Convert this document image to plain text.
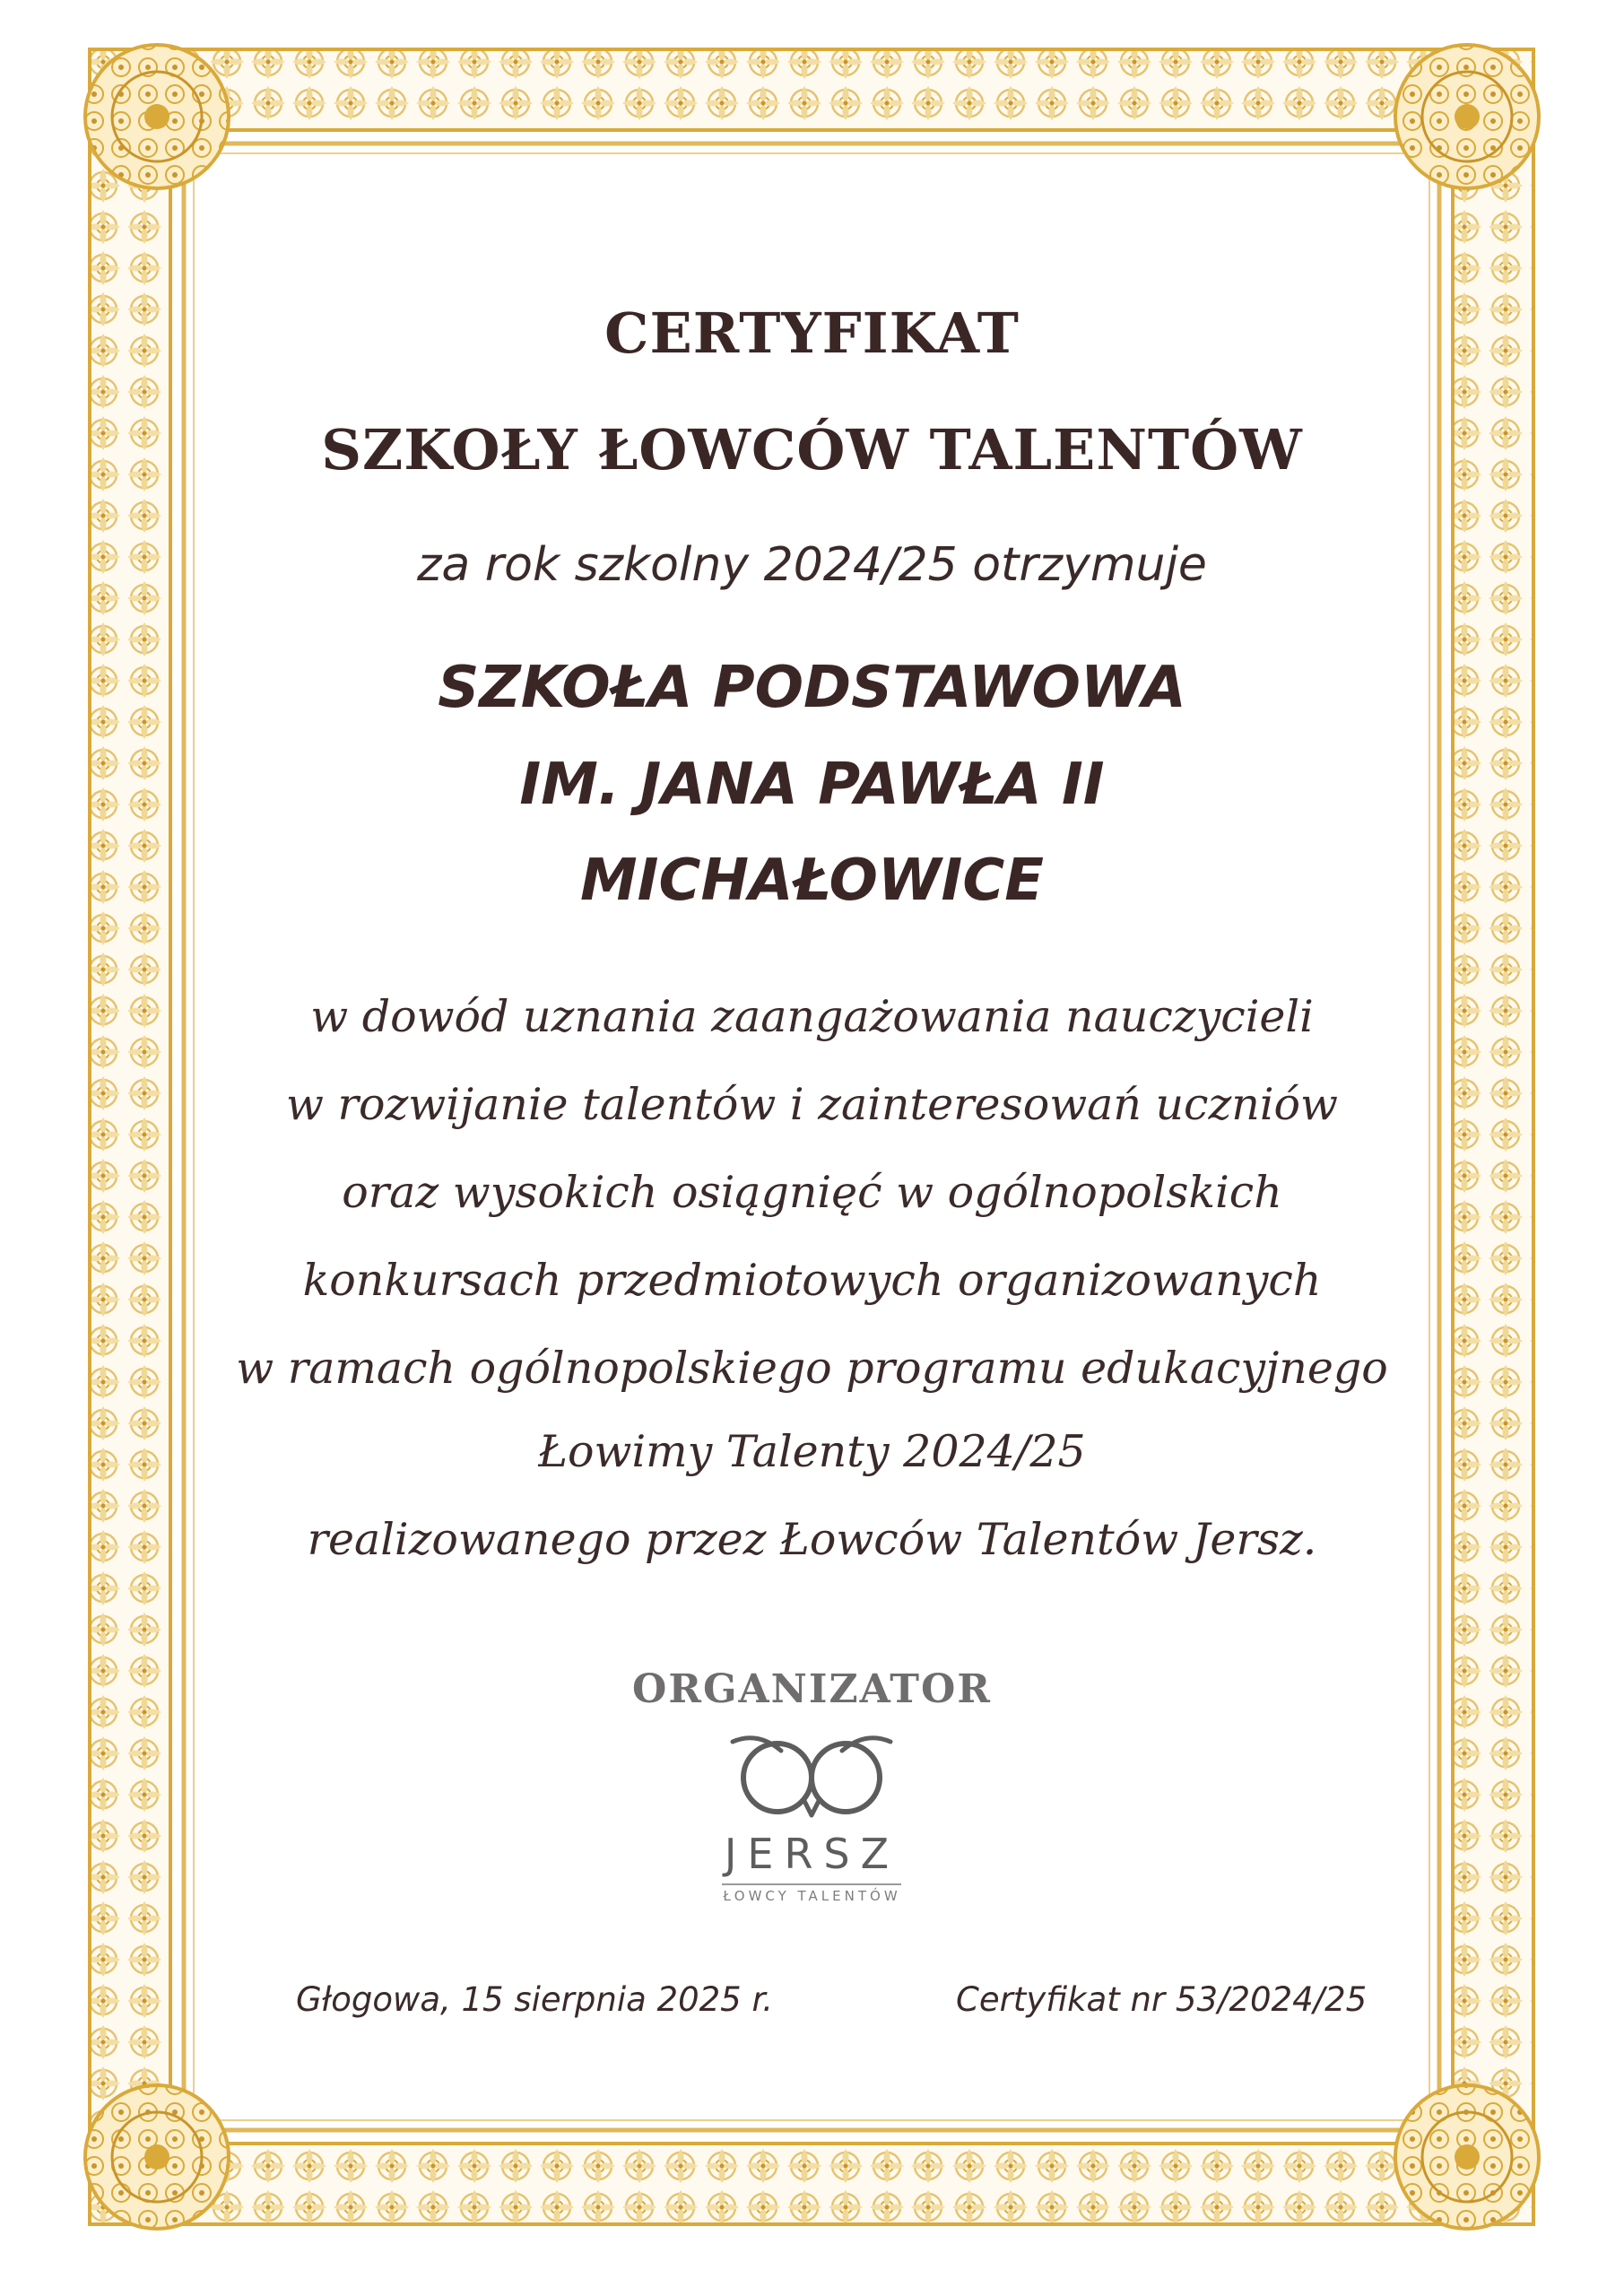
CERTYFIKAT
SZKOŁY ŁOWCÓW TALENTÓW
za rok szkolny 2024/25 otrzymuje
SZKOŁA PODSTAWOWA
IM. JANA PAWŁA II
MICHAŁOWICE
w dowód uznania zaangażowania nauczycieli
w rozwijanie talentów i zainteresowań uczniów
oraz wysokich osiągnięć w ogólnopolskich
konkursach przedmiotowych organizowanych
w ramach ogólnopolskiego programu edukacyjnego
Łowimy Talenty 2024/25
realizowanego przez Łowców Talentów Jersz.
ORGANIZATOR
JERSZ
ŁOWCY TALENTÓW
Głogowa, 15 sierpnia 2025 r.	Certyfikat nr 53/2024/25
